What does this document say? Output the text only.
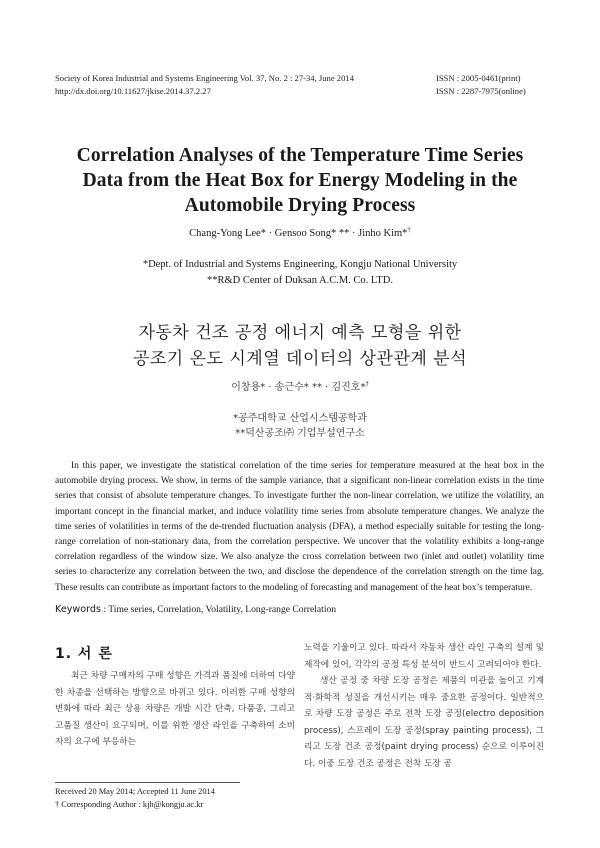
Society of Korea Industrial and Systems Engineering Vol. 37, No. 2 : 27-34, June 2014
http://dx.doi.org/10.11627/jkise.2014.37.2.27
ISSN : 2005-0461(print)
ISSN : 2287-7975(online)
Correlation Analyses of the Temperature Time Series
Data from the Heat Box for Energy Modeling in the
Automobile Drying Process
Chang-Yong Lee* · Gensoo Song* ** · Jinho Kim*†
*Dept. of Industrial and Systems Engineering, Kongju National University
**R&D Center of Duksan A.C.M. Co. LTD.
자동차 건조 공정 에너지 예측 모형을 위한
공조기 온도 시계열 데이터의 상관관계 분석
이창용* · 송근수* ** · 김진호*†
*공주대학교 산업시스템공학과
**덕산공조㈜ 기업부설연구소
In this paper, we investigate the statistical correlation of the time series for temperature measured at the heat box in the automobile drying process. We show, in terms of the sample variance, that a significant non-linear correlation exists in the time series that consist of absolute temperature changes. To investigate further the non-linear correlation, we utilize the volatility, an important concept in the financial market, and induce volatility time series from absolute temperature changes. We analyze the time series of volatilities in terms of the de-trended fluctuation analysis (DFA), a method especially suitable for testing the long-range correlation of non-stationary data, from the correlation perspective. We uncover that the volatility exhibits a long-range correlation regardless of the window size. We also analyze the cross correlation between two (inlet and outlet) volatility time series to characterize any correlation between the two, and disclose the dependence of the correlation strength on the time lag. These results can contribute as important factors to the modeling of forecasting and management of the heat box’s temperature.
Keywords : Time series, Correlation, Volatility, Long-range Correlation
1. 서 론
최근 차량 구매자의 구매 성향은 가격과 품질에 더하여 다양한 차종을 선택하는 방향으로 바뀌고 있다. 이러한 구매 성향의 변화에 따라 최근 상용 차량은 개발 시간 단축, 다품종, 그리고 고품질 생산이 요구되며, 이를 위한 생산 라인을 구축하여 소비자의 요구에 부응하는
노력을 기울이고 있다. 따라서 자동차 생산 라인 구축의 설계 및 제작에 있어, 각각의 공정 특성 분석이 반드시 고려되어야 한다.
생산 공정 중 차량 도장 공정은 제품의 미관을 높이고 기계적·화학적 성질을 개선시키는 매우 중요한 공정이다. 일반적으로 차량 도장 공정은 주로 전착 도장 공정(electro deposition process), 스프레이 도장 공정(spray painting process), 그리고 도장 건조 공정(paint drying process) 순으로 이루어진다. 이중 도장 건조 공정은 전착 도장 공
Received 20 May 2014; Accepted 11 June 2014
† Corresponding Author : kjh@kongju.ac.kr
